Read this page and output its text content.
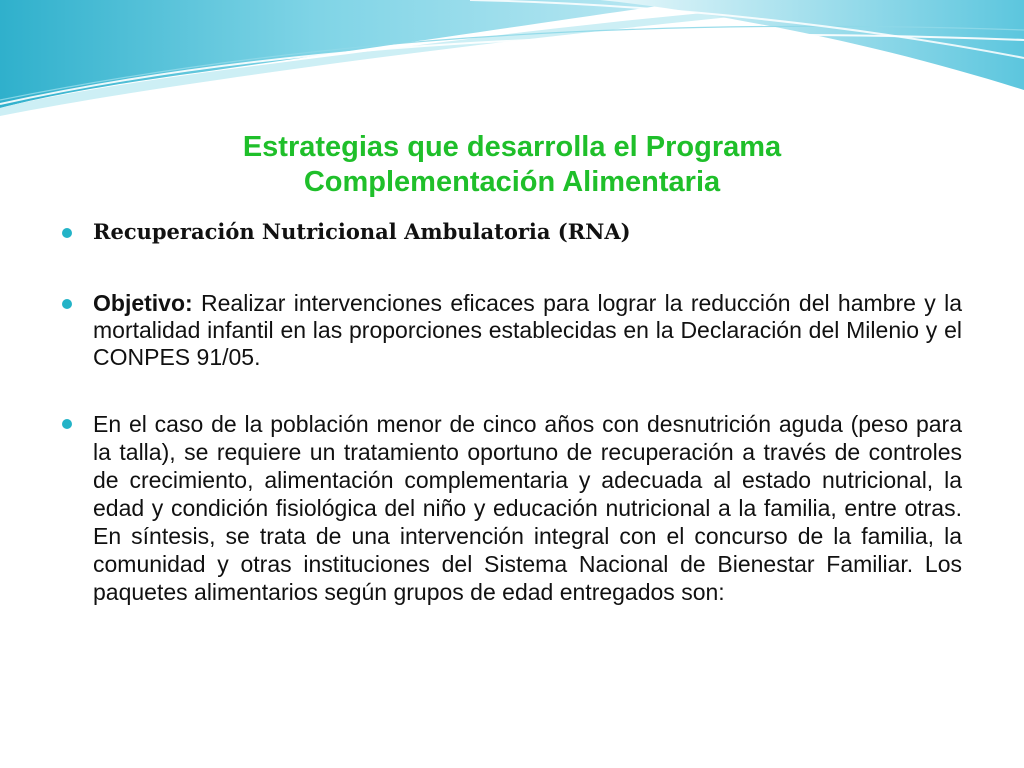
Estrategias que desarrolla el Programa
Complementación Alimentaria
Recuperación Nutricional Ambulatoria (RNA)
Objetivo: Realizar intervenciones eficaces para lograr la reducción del hambre y la mortalidad infantil en las proporciones establecidas en la Declaración del Milenio y el CONPES 91/05.
En el caso de la población menor de cinco años con desnutrición aguda (peso para la talla), se requiere un tratamiento oportuno de recuperación a través de controles de crecimiento, alimentación complementaria y adecuada al estado nutricional, la edad y condición fisiológica del niño y educación nutricional a la familia, entre otras. En síntesis, se trata de una intervención integral con el concurso de la familia, la comunidad y otras instituciones del Sistema Nacional de Bienestar Familiar. Los paquetes alimentarios según grupos de edad entregados son:
